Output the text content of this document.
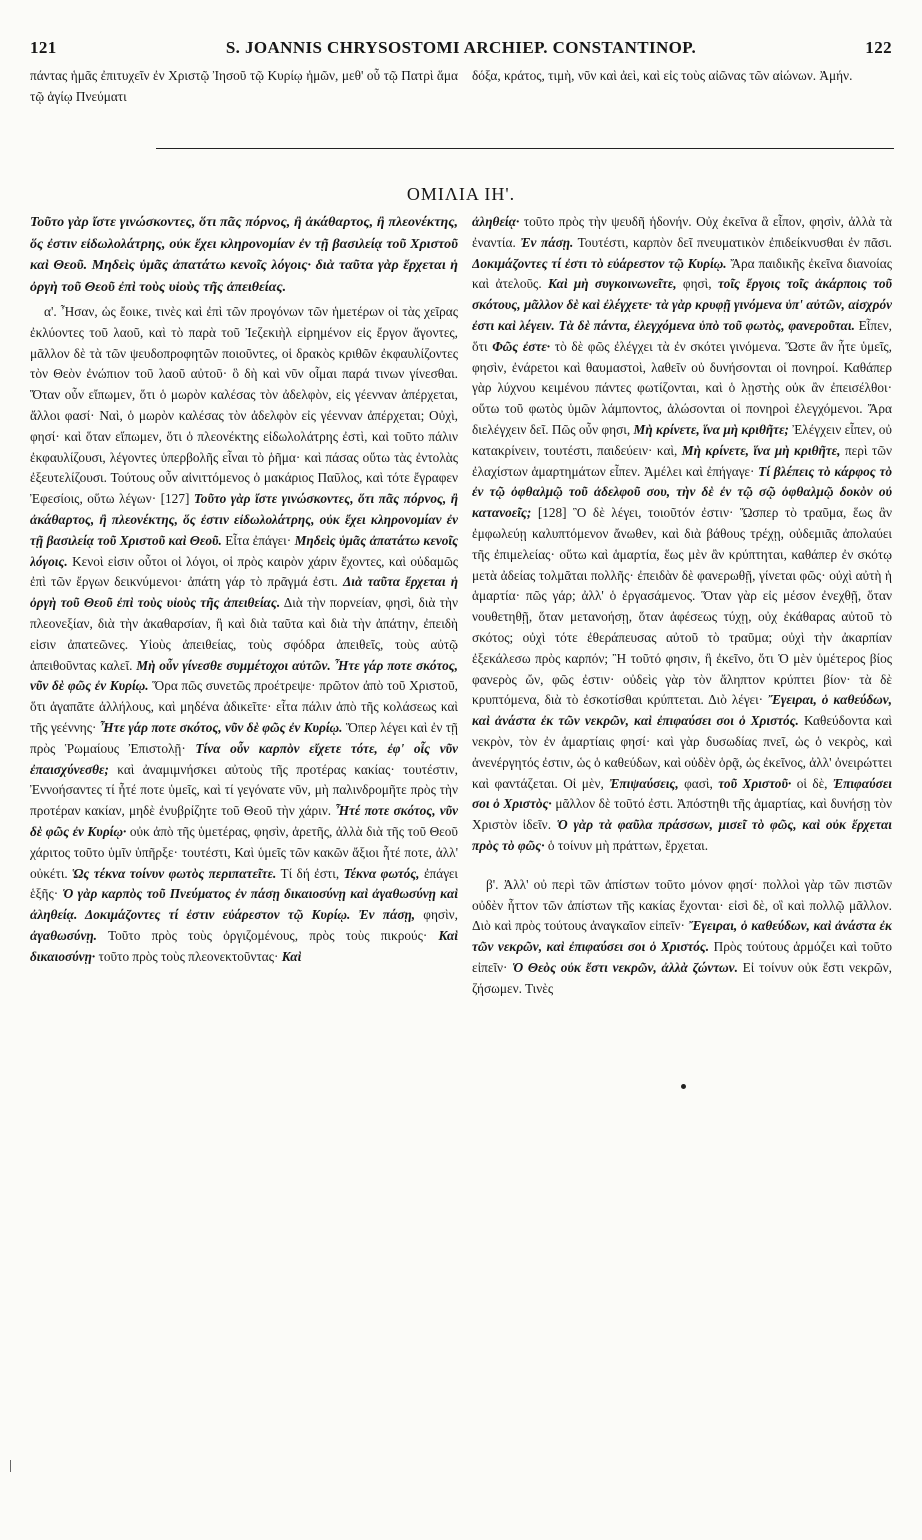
121	S. JOANNIS CHRYSOSTOMI ARCHIEP. CONSTANTINOP.	122

πάντας ἡμᾶς ἐπιτυχεῖν ἐν Χριστῷ Ἰησοῦ τῷ Κυρίῳ ἡμῶν, μεθ' οὗ τῷ Πατρὶ ἅμα τῷ ἁγίῳ Πνεύματι

δόξα, κράτος, τιμὴ, νῦν καὶ ἀεὶ, καὶ εἰς τοὺς αἰῶνας τῶν αἰώνων. Ἀμήν.

ΟΜΙΛΙΑ ΙΗ'.

Τοῦτο γὰρ ἴστε γινώσκοντες, ὅτι πᾶς πόρνος, ἢ ἀκάθαρτος, ἢ πλεονέκτης, ὅς ἐστιν εἰδωλολάτρης, οὐκ ἔχει κληρονομίαν ἐν τῇ βασιλείᾳ τοῦ Χριστοῦ καὶ Θεοῦ. Μηδεὶς ὑμᾶς ἀπατάτω κενοῖς λόγοις· διὰ ταῦτα γὰρ ἔρχεται ἡ ὀργὴ τοῦ Θεοῦ ἐπὶ τοὺς υἱοὺς τῆς ἀπειθείας.

α'. Ἦσαν, ὡς ἔοικε, τινὲς καὶ ἐπὶ τῶν προγόνων τῶν ἡμετέρων οἱ τὰς χεῖρας ἐκλύοντες τοῦ λαοῦ, καὶ τὸ παρὰ τοῦ Ἰεζεκιὴλ εἰρημένον εἰς ἔργον ἄγοντες, μᾶλλον δὲ τὰ τῶν ψευδοπροφητῶν ποιοῦντες, οἱ δρακὸς κριθῶν ἐκφαυλίζοντες τὸν Θεὸν ἐνώπιον τοῦ λαοῦ αὐτοῦ· ὃ δὴ καὶ νῦν οἶμαι παρά τινων γίνεσθαι. Ὅταν οὖν εἴπωμεν, ὅτι ὁ μωρὸν καλέσας τὸν ἀδελφὸν, εἰς γέενναν ἀπέρχεται, ἄλλοι φασί· Ναὶ, ὁ μωρὸν καλέσας τὸν ἀδελφὸν εἰς γέενναν ἀπέρχεται; Οὐχὶ, φησί· καὶ ὅταν εἴπωμεν, ὅτι ὁ πλεονέκτης εἰδωλολάτρης ἐστὶ, καὶ τοῦτο πάλιν ἐκφαυλίζουσι, λέγοντες ὑπερβολῆς εἶναι τὸ ῥῆμα· καὶ πάσας οὕτω τὰς ἐντολὰς ἐξευτελίζουσι. Τούτους οὖν αἰνιττόμενος ὁ μακάριος Παῦλος, καὶ τότε ἔγραφεν Ἐφεσίοις, οὕτω λέγων· [127] Τοῦτο γὰρ ἴστε γινώσκοντες, ὅτι πᾶς πόρνος, ἢ ἀκάθαρτος, ἢ πλεονέκτης, ὅς ἐστιν εἰδωλολάτρης, οὐκ ἔχει κληρονομίαν ἐν τῇ βασιλείᾳ τοῦ Χριστοῦ καὶ Θεοῦ. Εἶτα ἐπάγει· Μηδεὶς ὑμᾶς ἀπατάτω κενοῖς λόγοις. Κενοὶ εἰσιν οὗτοι οἱ λόγοι, οἱ πρὸς καιρὸν χάριν ἔχοντες, καὶ οὐδαμῶς ἐπὶ τῶν ἔργων δεικνύμενοι· ἀπάτη γάρ τὸ πρᾶγμά ἐστι. Διὰ ταῦτα ἔρχεται ἡ ὀργὴ τοῦ Θεοῦ ἐπὶ τοὺς υἱοὺς τῆς ἀπειθείας. Διὰ τὴν πορνείαν, φησὶ, διὰ τὴν πλεονεξίαν, διὰ τὴν ἀκαθαρσίαν, ἢ καὶ διὰ ταῦτα καὶ διὰ τὴν ἀπάτην, ἐπειδὴ εἰσιν ἀπατεῶνες. Υἱοὺς ἀπειθείας, τοὺς σφόδρα ἀπειθεῖς, τοὺς αὐτῷ ἀπειθοῦντας καλεῖ. Μὴ οὖν γίνεσθε συμμέτοχοι αὐτῶν. Ἦτε γάρ ποτε σκότος, νῦν δὲ φῶς ἐν Κυρίῳ. Ὅρα πῶς συνετῶς προέτρεψε· πρῶτον ἀπὸ τοῦ Χριστοῦ, ὅτι ἀγαπᾶτε ἀλλήλους, καὶ μηδένα ἀδικεῖτε· εἶτα πάλιν ἀπὸ τῆς κολάσεως καὶ τῆς γεέννης· Ἦτε γάρ ποτε σκότος, νῦν δὲ φῶς ἐν Κυρίῳ. Ὅπερ λέγει καὶ ἐν τῇ πρὸς Ῥωμαίους Ἐπιστολῇ· Τίνα οὖν καρπὸν εἴχετε τότε, ἐφ' οἷς νῦν ἐπαισχύνεσθε; καὶ ἀναμιμνήσκει αὐτοὺς τῆς προτέρας κακίας· τουτέστιν, Ἐννοήσαντες τί ἦτέ ποτε ὑμεῖς, καὶ τί γεγόνατε νῦν, μὴ παλινδρομῆτε πρὸς τὴν προτέραν κακίαν, μηδὲ ἐνυβρίζητε τοῦ Θεοῦ τὴν χάριν. Ἦτέ ποτε σκότος, νῦν δὲ φῶς ἐν Κυρίῳ· οὐκ ἀπὸ τῆς ὑμετέρας, φησὶν, ἀρετῆς, ἀλλὰ διὰ τῆς τοῦ Θεοῦ χάριτος τοῦτο ὑμῖν ὑπῆρξε· τουτέστι, Καὶ ὑμεῖς τῶν κακῶν ἄξιοι ἦτέ ποτε, ἀλλ' οὐκέτι. Ὡς τέκνα τοίνυν φωτὸς περιπατεῖτε. Τί δή ἐστι, Τέκνα φωτός, ἐπάγει ἑξῆς· Ὁ γὰρ καρπὸς τοῦ Πνεύματος ἐν πάσῃ δικαιοσύνῃ καὶ ἀγαθωσύνῃ καὶ ἀληθείᾳ. Δοκιμάζοντες τί ἐστιν εὐάρεστον τῷ Κυρίῳ. Ἐν πάσῃ, φησὶν, ἀγαθωσύνῃ. Τοῦτο πρὸς τοὺς ὀργιζομένους, πρὸς τοὺς πικρούς· Καὶ δικαιοσύνῃ· τοῦτο πρὸς τοὺς πλεονεκτοῦντας· Καὶ

ἀληθείᾳ· τοῦτο πρὸς τὴν ψευδῆ ἡδονήν. Οὐχ ἐκεῖνα ἃ εἶπον, φησὶν, ἀλλὰ τὰ ἐναντία. Ἐν πάσῃ. Τουτέστι, καρπὸν δεῖ πνευματικὸν ἐπιδείκνυσθαι ἐν πᾶσι. Δοκιμάζοντες τί ἐστι τὸ εὐάρεστον τῷ Κυρίῳ. Ἄρα παιδικῆς ἐκεῖνα διανοίας καὶ ἀτελοῦς. Καὶ μὴ συγκοινωνεῖτε, φησὶ, τοῖς ἔργοις τοῖς ἀκάρποις τοῦ σκότους, μᾶλλον δὲ καὶ ἐλέγχετε· τὰ γὰρ κρυφῇ γινόμενα ὑπ' αὐτῶν, αἰσχρόν ἐστι καὶ λέγειν. Τὰ δὲ πάντα, ἐλεγχόμενα ὑπὸ τοῦ φωτὸς, φανεροῦται. Εἶπεν, ὅτι Φῶς ἐστε· τὸ δὲ φῶς ἐλέγχει τὰ ἐν σκότει γινόμενα. Ὥστε ἂν ἦτε ὑμεῖς, φησὶν, ἐνάρετοι καὶ θαυμαστοὶ, λαθεῖν οὐ δυνήσονται οἱ πονηροί. Καθάπερ γὰρ λύχνου κειμένου πάντες φωτίζονται, καὶ ὁ λῃστὴς οὐκ ἂν ἐπεισέλθοι· οὕτω τοῦ φωτὸς ὑμῶν λάμποντος, ἁλώσονται οἱ πονηροὶ ἐλεγχόμενοι. Ἄρα διελέγχειν δεῖ. Πῶς οὖν φησι, Μὴ κρίνετε, ἵνα μὴ κριθῆτε; Ἐλέγχειν εἶπεν, οὐ κατακρίνειν, τουτέστι, παιδεύειν· καὶ, Μὴ κρίνετε, ἵνα μὴ κριθῆτε, περὶ τῶν ἐλαχίστων ἁμαρτημάτων εἶπεν. Ἀμέλει καὶ ἐπήγαγε· Τί βλέπεις τὸ κάρφος τὸ ἐν τῷ ὀφθαλμῷ τοῦ ἀδελφοῦ σου, τὴν δὲ ἐν τῷ σῷ ὀφθαλμῷ δοκὸν οὐ κατανοεῖς; [128] Ὃ δὲ λέγει, τοιοῦτόν ἐστιν· Ὥσπερ τὸ τραῦμα, ἕως ἂν ἐμφωλεύῃ καλυπτόμενον ἄνωθεν, καὶ διὰ βάθους τρέχῃ, οὐδεμιᾶς ἀπολαύει τῆς ἐπιμελείας· οὕτω καὶ ἁμαρτία, ἕως μὲν ἂν κρύπτηται, καθάπερ ἐν σκότῳ μετὰ ἀδείας τολμᾶται πολλῆς· ἐπειδὰν δὲ φανερωθῇ, γίνεται φῶς· οὐχὶ αὐτὴ ἡ ἁμαρτία· πῶς γάρ; ἀλλ' ὁ ἐργασάμενος. Ὅταν γὰρ εἰς μέσον ἐνεχθῇ, ὅταν νουθετηθῇ, ὅταν μετανοήσῃ, ὅταν ἀφέσεως τύχῃ, οὐχ ἐκάθαρας αὐτοῦ τὸ σκότος; οὐχὶ τότε ἐθεράπευσας αὐτοῦ τὸ τραῦμα; οὐχὶ τὴν ἀκαρπίαν ἐξεκάλεσω πρὸς καρπόν; Ἢ τοῦτό φησιν, ἢ ἐκεῖνο, ὅτι Ὁ μὲν ὑμέτερος βίος φανερὸς ὤν, φῶς ἐστιν· οὐδεὶς γὰρ τὸν ἄληπτον κρύπτει βίον· τὰ δὲ κρυπτόμενα, διὰ τὸ ἐσκοτίσθαι κρύπτεται. Διὸ λέγει· Ἔγειραι, ὁ καθεύδων, καὶ ἀνάστα ἐκ τῶν νεκρῶν, καὶ ἐπιφαύσει σοι ὁ Χριστός. Καθεύδοντα καὶ νεκρὸν, τὸν ἐν ἁμαρτίαις φησί· καὶ γὰρ δυσωδίας πνεῖ, ὡς ὁ νεκρὸς, καὶ ἀνενέργητός ἐστιν, ὡς ὁ καθεύδων, καὶ οὐδὲν ὁρᾷ, ὡς ἐκεῖνος, ἀλλ' ὀνειρώττει καὶ φαντάζεται. Οἱ μὲν, Ἐπιψαύσεις, φασὶ, τοῦ Χριστοῦ· οἱ δὲ, Ἐπιφαύσει σοι ὁ Χριστὸς· μᾶλλον δὲ τοῦτό ἐστι. Ἀπόστηθι τῆς ἁμαρτίας, καὶ δυνήσῃ τὸν Χριστὸν ἰδεῖν. Ὁ γὰρ τὰ φαῦλα πράσσων, μισεῖ τὸ φῶς, καὶ οὐκ ἔρχεται πρὸς τὸ φῶς· ὁ τοίνυν μὴ πράττων, ἔρχεται.

β'. Ἀλλ' οὐ περὶ τῶν ἀπίστων τοῦτο μόνον φησί· πολλοὶ γὰρ τῶν πιστῶν οὐδὲν ἧττον τῶν ἀπίστων τῆς κακίας ἔχονται· εἰσὶ δὲ, οἳ καὶ πολλῷ μᾶλλον. Διὸ καὶ πρὸς τούτους ἀναγκαῖον εἰπεῖν· Ἔγειραι, ὁ καθεύδων, καὶ ἀνάστα ἐκ τῶν νεκρῶν, καὶ ἐπιφαύσει σοι ὁ Χριστός. Πρὸς τούτους ἁρμόζει καὶ τοῦτο εἰπεῖν· Ὁ Θεὸς οὐκ ἔστι νεκρῶν, ἀλλὰ ζώντων. Εἰ τοίνυν οὐκ ἔστι νεκρῶν, ζήσωμεν. Τινὲς
